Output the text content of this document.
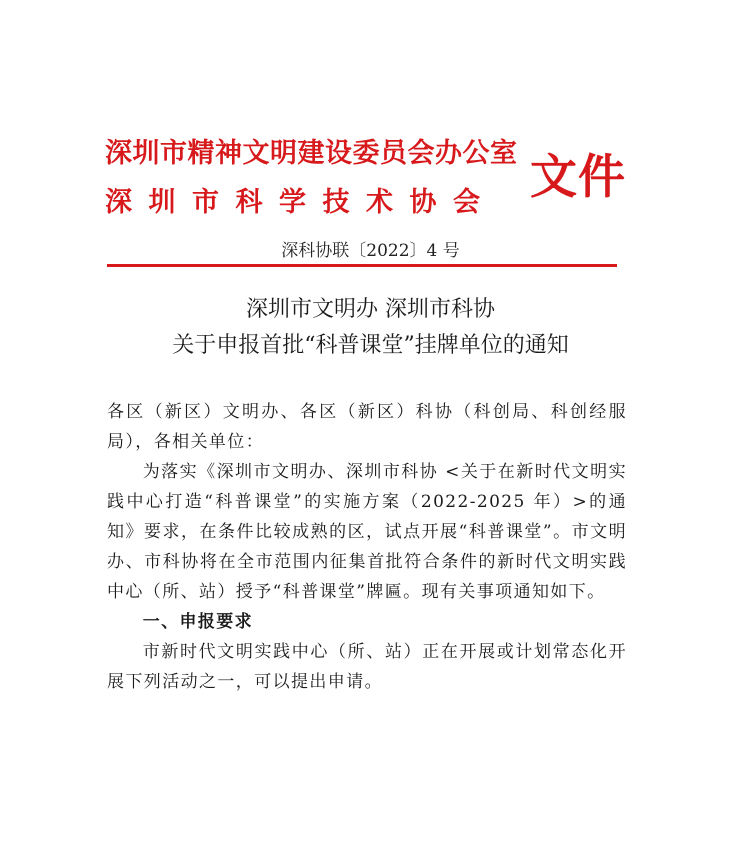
深圳市精神文明建设委员会办公室
深圳市科学技术协会 文件
深科协联〔2022〕4 号
深圳市文明办 深圳市科协
关于申报首批“科普课堂”挂牌单位的通知

各区（新区）文明办、各区（新区）科协（科创局、科创经服局），各相关单位：

为落实《深圳市文明办、深圳市科协 <关于在新时代文明实践中心打造“科普课堂”的实施方案（2022-2025 年）>的通知》要求，在条件比较成熟的区，试点开展“科普课堂”。市文明办、市科协将在全市范围内征集首批符合条件的新时代文明实践中心（所、站）授予“科普课堂”牌匾。现有关事项通知如下。

一、申报要求

市新时代文明实践中心（所、站）正在开展或计划常态化开展下列活动之一，可以提出申请。
